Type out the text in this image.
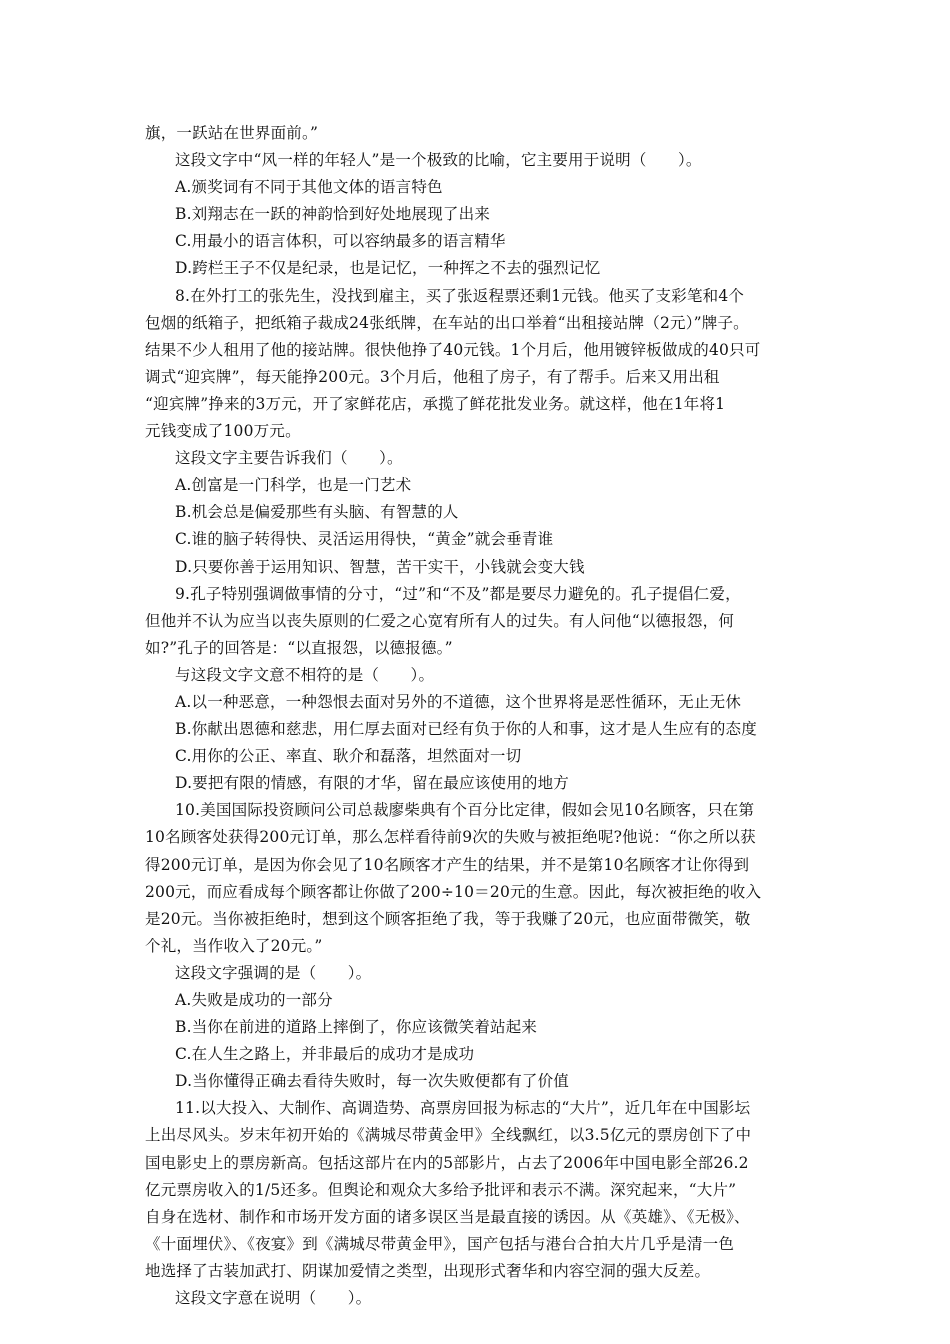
旗，一跃站在世界面前。”
这段文字中“风一样的年轻人”是一个极致的比喻，它主要用于说明（　　）。
A.颁奖词有不同于其他文体的语言特色
B.刘翔志在一跃的神韵恰到好处地展现了出来
C.用最小的语言体积，可以容纳最多的语言精华
D.跨栏王子不仅是纪录，也是记忆，一种挥之不去的强烈记忆
8.在外打工的张先生，没找到雇主，买了张返程票还剩1元钱。他买了支彩笔和4个
包烟的纸箱子，把纸箱子裁成24张纸牌，在车站的出口举着“出租接站牌（2元）”牌子。
结果不少人租用了他的接站牌。很快他挣了40元钱。1个月后，他用镀锌板做成的40只可
调式“迎宾牌”，每天能挣200元。3个月后，他租了房子，有了帮手。后来又用出租
“迎宾牌”挣来的3万元，开了家鲜花店，承揽了鲜花批发业务。就这样，他在1年将1
元钱变成了100万元。
这段文字主要告诉我们（　　）。
A.创富是一门科学，也是一门艺术
B.机会总是偏爱那些有头脑、有智慧的人
C.谁的脑子转得快、灵活运用得快，“黄金”就会垂青谁
D.只要你善于运用知识、智慧，苦干实干，小钱就会变大钱
9.孔子特别强调做事情的分寸，“过”和“不及”都是要尽力避免的。孔子提倡仁爱，
但他并不认为应当以丧失原则的仁爱之心宽宥所有人的过失。有人问他“以德报怨，何
如?”孔子的回答是：“以直报怨，以德报德。”
与这段文字文意不相符的是（　　）。
A.以一种恶意，一种怨恨去面对另外的不道德，这个世界将是恶性循环，无止无休
B.你献出恩德和慈悲，用仁厚去面对已经有负于你的人和事，这才是人生应有的态度
C.用你的公正、率直、耿介和磊落，坦然面对一切
D.要把有限的情感，有限的才华，留在最应该使用的地方
10.美国国际投资顾问公司总裁廖柴典有个百分比定律，假如会见10名顾客，只在第
10名顾客处获得200元订单，那么怎样看待前9次的失败与被拒绝呢?他说：“你之所以获
得200元订单，是因为你会见了10名顾客才产生的结果，并不是第10名顾客才让你得到
200元，而应看成每个顾客都让你做了200÷10＝20元的生意。因此，每次被拒绝的收入
是20元。当你被拒绝时，想到这个顾客拒绝了我，等于我赚了20元，也应面带微笑，敬
个礼，当作收入了20元。”
这段文字强调的是（　　）。
A.失败是成功的一部分
B.当你在前进的道路上摔倒了，你应该微笑着站起来
C.在人生之路上，并非最后的成功才是成功
D.当你懂得正确去看待失败时，每一次失败便都有了价值
11.以大投入、大制作、高调造势、高票房回报为标志的“大片”，近几年在中国影坛
上出尽风头。岁末年初开始的《满城尽带黄金甲》全线飘红，以3.5亿元的票房创下了中
国电影史上的票房新高。包括这部片在内的5部影片，占去了2006年中国电影全部26.2
亿元票房收入的1/5还多。但舆论和观众大多给予批评和表示不满。深究起来，“大片”
自身在选材、制作和市场开发方面的诸多误区当是最直接的诱因。从《英雄》、《无极》、
《十面埋伏》、《夜宴》到《满城尽带黄金甲》，国产包括与港台合拍大片几乎是清一色
地选择了古装加武打、阴谋加爱情之类型，出现形式奢华和内容空洞的强大反差。
这段文字意在说明（　　）。
